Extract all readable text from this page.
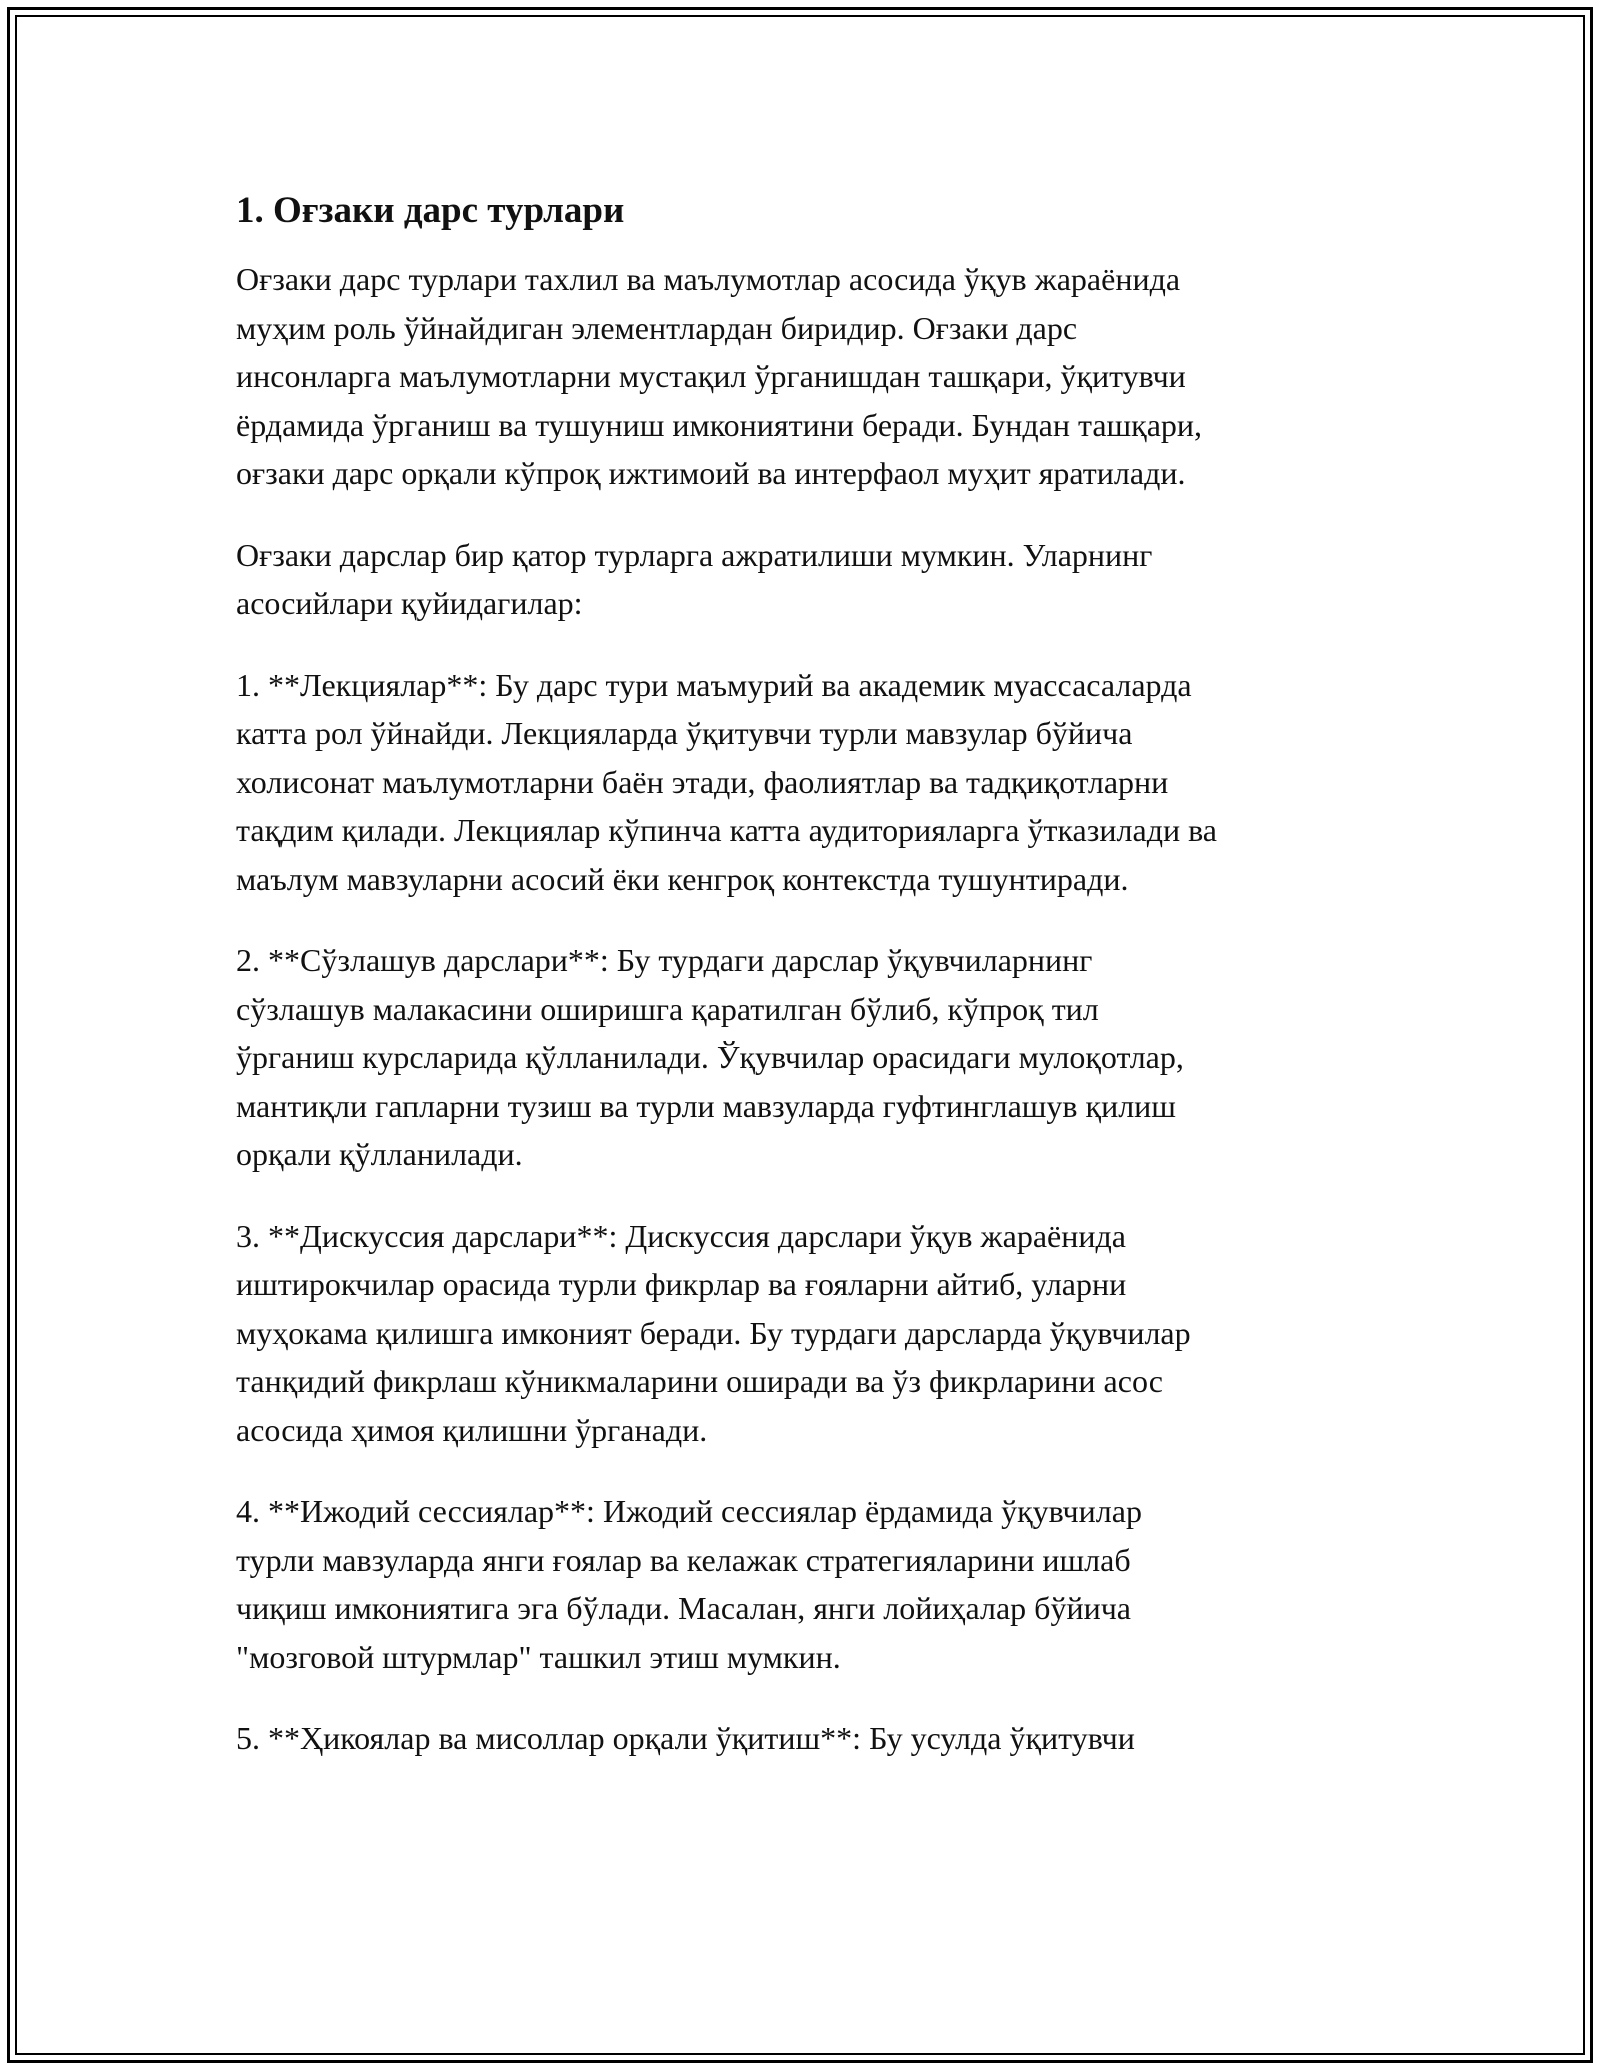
1. Оғзаки дарс турлари

Оғзаки дарс турлари тахлил ва маълумотлар асосида ўқув жараёнида
муҳим роль ўйнайдиган элементлардан биридир. Оғзаки дарс
инсонларга маълумотларни мустақил ўрганишдан ташқари, ўқитувчи
ёрдамида ўрганиш ва тушуниш имкониятини беради. Бундан ташқари,
оғзаки дарс орқали кўпроқ ижтимоий ва интерфаол муҳит яратилади.

Оғзаки дарслар бир қатор турларга ажратилиши мумкин. Уларнинг
асосийлари қуйидагилар:

1. **Лекциялар**: Бу дарс тури маъмурий ва академик муассасаларда
катта рол ўйнайди. Лекцияларда ўқитувчи турли мавзулар бўйича
холисонат маълумотларни баён этади, фаолиятлар ва тадқиқотларни
тақдим қилади. Лекциялар кўпинча катта аудиторияларга ўтказилади ва
маълум мавзуларни асосий ёки кенгроқ контекстда тушунтиради.

2. **Сўзлашув дарслари**: Бу турдаги дарслар ўқувчиларнинг
сўзлашув малакасини оширишга қаратилган бўлиб, кўпроқ тил
ўрганиш курсларида қўлланилади. Ўқувчилар орасидаги мулоқотлар,
мантиқли гапларни тузиш ва турли мавзуларда гуфтинглашув қилиш
орқали қўлланилади.

3. **Дискуссия дарслари**: Дискуссия дарслари ўқув жараёнида
иштирокчилар орасида турли фикрлар ва ғояларни айтиб, уларни
муҳокама қилишга имконият беради. Бу турдаги дарсларда ўқувчилар
танқидий фикрлаш кўникмаларини оширади ва ўз фикрларини асос
асосида ҳимоя қилишни ўрганади.

4. **Ижодий сессиялар**: Ижодий сессиялар ёрдамида ўқувчилар
турли мавзуларда янги ғоялар ва келажак стратегияларини ишлаб
чиқиш имкониятига эга бўлади. Масалан, янги лойиҳалар бўйича
"мозговой штурмлар" ташкил этиш мумкин.

5. **Ҳикоялар ва мисоллар орқали ўқитиш**: Бу усулда ўқитувчи
